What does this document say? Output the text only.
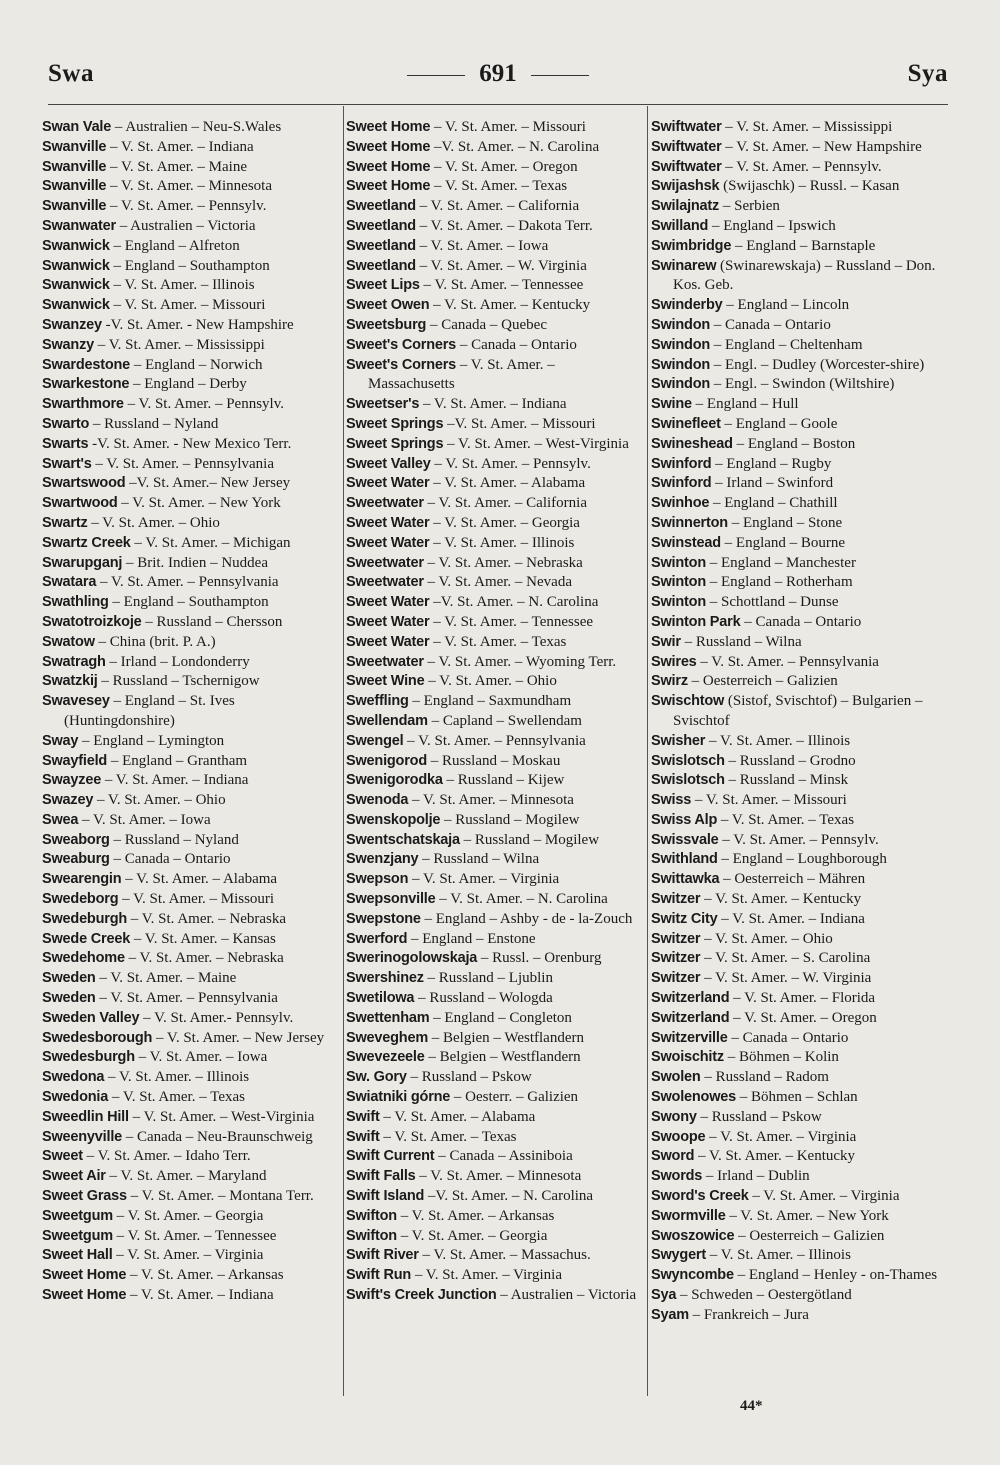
Swa	691	Sya

Swan Vale – Australien – Neu-S.Wales

Swanville – V. St. Amer. – Indiana

Swanville – V. St. Amer. – Maine

Swanville – V. St. Amer. – Minnesota

Swanville – V. St. Amer. – Pennsylv.

Swanwater – Australien – Victoria

Swanwick – England – Alfreton

Swanwick – England – Southampton

Swanwick – V. St. Amer. – Illinois

Swanwick – V. St. Amer. – Missouri

Swanzey -V. St. Amer. - New Hampshire

Swanzy – V. St. Amer. – Mississippi

Swardestone – England – Norwich

Swarkestone – England – Derby

Swarthmore – V. St. Amer. – Pennsylv.

Swarto – Russland – Nyland

Swarts -V. St. Amer. - New Mexico Terr.

Swart's – V. St. Amer. – Pennsylvania

Swartswood –V. St. Amer.– New Jersey

Swartwood – V. St. Amer. – New York

Swartz – V. St. Amer. – Ohio

Swartz Creek – V. St. Amer. – Michigan

Swarupganj – Brit. Indien – Nuddea

Swatara – V. St. Amer. – Pennsylvania

Swathling – England – Southampton

Swatotroizkoje – Russland – Chersson

Swatow – China (brit. P. A.)

Swatragh – Irland – Londonderry

Swatzkij – Russland – Tschernigow

Swavesey – England – St. Ives (Huntingdonshire)

Sway – England – Lymington

Swayfield – England – Grantham

Swayzee – V. St. Amer. – Indiana

Swazey – V. St. Amer. – Ohio

Swea – V. St. Amer. – Iowa

Sweaborg – Russland – Nyland

Sweaburg – Canada – Ontario

Swearengin – V. St. Amer. – Alabama

Swedeborg – V. St. Amer. – Missouri

Swedeburgh – V. St. Amer. – Nebraska

Swede Creek – V. St. Amer. – Kansas

Swedehome – V. St. Amer. – Nebraska

Sweden – V. St. Amer. – Maine

Sweden – V. St. Amer. – Pennsylvania

Sweden Valley – V. St. Amer.- Pennsylv.

Swedesborough – V. St. Amer. – New Jersey

Swedesburgh – V. St. Amer. – Iowa

Swedona – V. St. Amer. – Illinois

Swedonia – V. St. Amer. – Texas

Sweedlin Hill – V. St. Amer. – West-Virginia

Sweenyville – Canada – Neu-Braunschweig

Sweet – V. St. Amer. – Idaho Terr.

Sweet Air – V. St. Amer. – Maryland

Sweet Grass – V. St. Amer. – Montana Terr.

Sweetgum – V. St. Amer. – Georgia

Sweetgum – V. St. Amer. – Tennessee

Sweet Hall – V. St. Amer. – Virginia

Sweet Home – V. St. Amer. – Arkansas

Sweet Home – V. St. Amer. – Indiana

Sweet Home – V. St. Amer. – Missouri

Sweet Home –V. St. Amer. – N. Carolina

Sweet Home – V. St. Amer. – Oregon

Sweet Home – V. St. Amer. – Texas

Sweetland – V. St. Amer. – California

Sweetland – V. St. Amer. – Dakota Terr.

Sweetland – V. St. Amer. – Iowa

Sweetland – V. St. Amer. – W. Virginia

Sweet Lips – V. St. Amer. – Tennessee

Sweet Owen – V. St. Amer. – Kentucky

Sweetsburg – Canada – Quebec

Sweet's Corners – Canada – Ontario

Sweet's Corners – V. St. Amer. – Massachusetts

Sweetser's – V. St. Amer. – Indiana

Sweet Springs –V. St. Amer. – Missouri

Sweet Springs – V. St. Amer. – West-Virginia

Sweet Valley – V. St. Amer. – Pennsylv.

Sweet Water – V. St. Amer. – Alabama

Sweetwater – V. St. Amer. – California

Sweet Water – V. St. Amer. – Georgia

Sweet Water – V. St. Amer. – Illinois

Sweetwater – V. St. Amer. – Nebraska

Sweetwater – V. St. Amer. – Nevada

Sweet Water –V. St. Amer. – N. Carolina

Sweet Water – V. St. Amer. – Tennessee

Sweet Water – V. St. Amer. – Texas

Sweetwater – V. St. Amer. – Wyoming Terr.

Sweet Wine – V. St. Amer. – Ohio

Sweffling – England – Saxmundham

Swellendam – Capland – Swellendam

Swengel – V. St. Amer. – Pennsylvania

Swenigorod – Russland – Moskau

Swenigorodka – Russland – Kijew

Swenoda – V. St. Amer. – Minnesota

Swenskopolje – Russland – Mogilew

Swentschatskaja – Russland – Mogilew

Swenzjany – Russland – Wilna

Swepson – V. St. Amer. – Virginia

Swepsonville – V. St. Amer. – N. Carolina

Swepstone – England – Ashby - de - la-Zouch

Swerford – England – Enstone

Swerinogolowskaja – Russl. – Orenburg

Swershinez – Russland – Ljublin

Swetilowa – Russland – Wologda

Swettenham – England – Congleton

Sweveghem – Belgien – Westflandern

Swevezeele – Belgien – Westflandern

Sw. Gory – Russland – Pskow

Swiatniki górne – Oesterr. – Galizien

Swift – V. St. Amer. – Alabama

Swift – V. St. Amer. – Texas

Swift Current – Canada – Assiniboia

Swift Falls – V. St. Amer. – Minnesota

Swift Island –V. St. Amer. – N. Carolina

Swifton – V. St. Amer. – Arkansas

Swifton – V. St. Amer. – Georgia

Swift River – V. St. Amer. – Massachus.

Swift Run – V. St. Amer. – Virginia

Swift's Creek Junction – Australien – Victoria

Swiftwater – V. St. Amer. – Mississippi

Swiftwater – V. St. Amer. – New Hampshire

Swiftwater – V. St. Amer. – Pennsylv.

Swijashsk (Swijaschk) – Russl. – Kasan

Swilajnatz – Serbien

Swilland – England – Ipswich

Swimbridge – England – Barnstaple

Swinarew (Swinarewskaja) – Russland – Don. Kos. Geb.

Swinderby – England – Lincoln

Swindon – Canada – Ontario

Swindon – England – Cheltenham

Swindon – Engl. – Dudley (Worcester-shire)

Swindon – Engl. – Swindon (Wiltshire)

Swine – England – Hull

Swinefleet – England – Goole

Swineshead – England – Boston

Swinford – England – Rugby

Swinford – Irland – Swinford

Swinhoe – England – Chathill

Swinnerton – England – Stone

Swinstead – England – Bourne

Swinton – England – Manchester

Swinton – England – Rotherham

Swinton – Schottland – Dunse

Swinton Park – Canada – Ontario

Swir – Russland – Wilna

Swires – V. St. Amer. – Pennsylvania

Swirz – Oesterreich – Galizien

Swischtow (Sistof, Svischtof) – Bulgarien – Svischtof

Swisher – V. St. Amer. – Illinois

Swislotsch – Russland – Grodno

Swislotsch – Russland – Minsk

Swiss – V. St. Amer. – Missouri

Swiss Alp – V. St. Amer. – Texas

Swissvale – V. St. Amer. – Pennsylv.

Swithland – England – Loughborough

Swittawka – Oesterreich – Mähren

Switzer – V. St. Amer. – Kentucky

Switz City – V. St. Amer. – Indiana

Switzer – V. St. Amer. – Ohio

Switzer – V. St. Amer. – S. Carolina

Switzer – V. St. Amer. – W. Virginia

Switzerland – V. St. Amer. – Florida

Switzerland – V. St. Amer. – Oregon

Switzerville – Canada – Ontario

Swoischitz – Böhmen – Kolin

Swolen – Russland – Radom

Swolenowes – Böhmen – Schlan

Swony – Russland – Pskow

Swoope – V. St. Amer. – Virginia

Sword – V. St. Amer. – Kentucky

Swords – Irland – Dublin

Sword's Creek – V. St. Amer. – Virginia

Swormville – V. St. Amer. – New York

Swoszowice – Oesterreich – Galizien

Swygert – V. St. Amer. – Illinois

Swyncombe – England – Henley - on-Thames

Sya – Schweden – Oestergötland

Syam – Frankreich – Jura

44*
